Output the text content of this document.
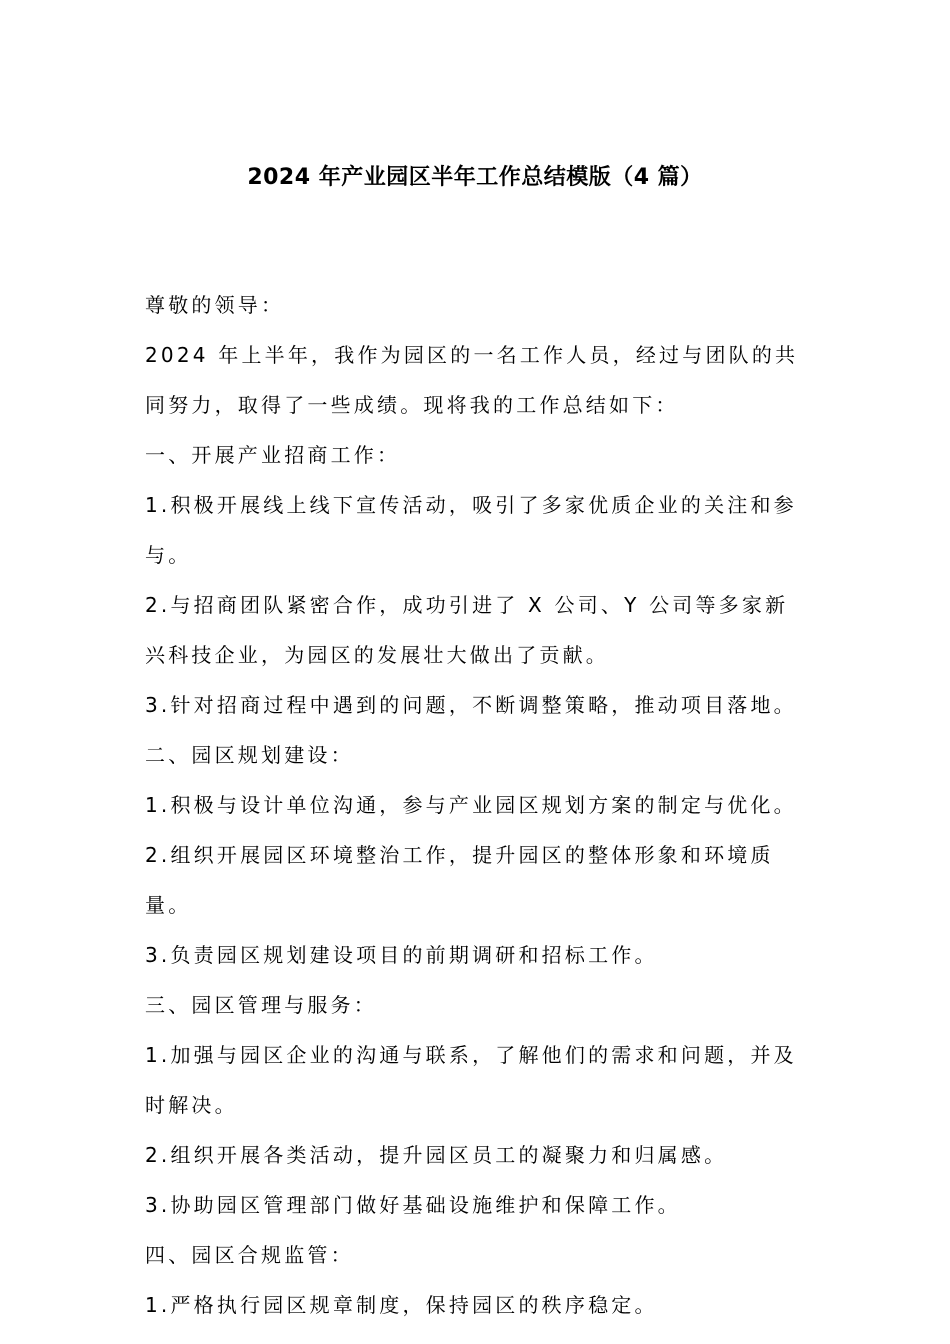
2024 年产业园区半年工作总结模版（4 篇）

尊敬的领导：

2024 年上半年，我作为园区的一名工作人员，经过与团队的共同努力，取得了一些成绩。现将我的工作总结如下：

一、开展产业招商工作：

1.积极开展线上线下宣传活动，吸引了多家优质企业的关注和参与。

2.与招商团队紧密合作，成功引进了 X 公司、Y 公司等多家新兴科技企业，为园区的发展壮大做出了贡献。

3.针对招商过程中遇到的问题，不断调整策略，推动项目落地。

二、园区规划建设：

1.积极与设计单位沟通，参与产业园区规划方案的制定与优化。

2.组织开展园区环境整治工作，提升园区的整体形象和环境质量。

3.负责园区规划建设项目的前期调研和招标工作。

三、园区管理与服务：

1.加强与园区企业的沟通与联系，了解他们的需求和问题，并及时解决。

2.组织开展各类活动，提升园区员工的凝聚力和归属感。

3.协助园区管理部门做好基础设施维护和保障工作。

四、园区合规监管：

1.严格执行园区规章制度，保持园区的秩序稳定。
